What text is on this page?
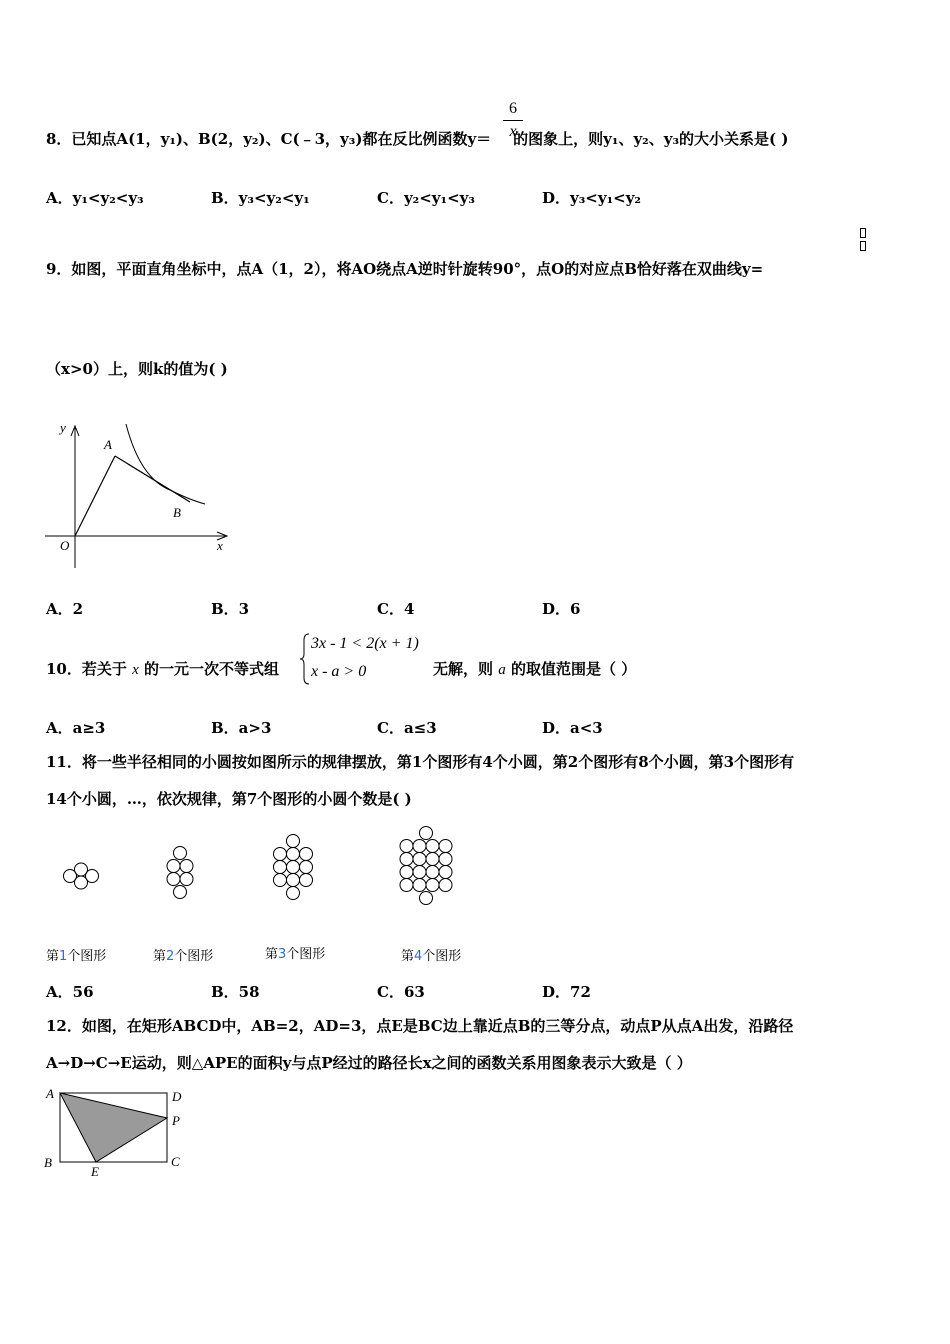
8．已知点A(1，y₁)、B(2，y₂)、C(﹣3，y₃)都在反比例函数y＝ 的图象上，则y₁、y₂、y₃的大小关系是( )
6
x
A．y₁<y₂<y₃	B．y₃<y₂<y₁	C．y₂<y₁<y₃	D．y₃<y₁<y₂
9．如图，平面直角坐标中，点A（1，2），将AO绕点A逆时针旋转90°，点O的对应点B恰好落在双曲线y=
（x>0）上，则k的值为( )
y
x
A
B
O
A．2	B．3	C．4	D．6
10．若关于 x 的一元一次不等式组
3x - 1 < 2(x + 1)
x - a > 0	无解，则 a 的取值范围是（ ）
A．a≥3	B．a>3	C．a≤3	D．a<3
11．将一些半径相同的小圆按如图所示的规律摆放，第1个图形有4个小圆，第2个图形有8个小圆，第3个图形有
14个小圆，…，依次规律，第7个图形的小圆个数是( )
第1个图形	第2个图形	第3个图形	第4个图形
A．56	B．58	C．63	D．72
12．如图，在矩形ABCD中，AB=2，AD=3，点E是BC边上靠近点B的三等分点，动点P从点A出发，沿路径
A→D→C→E运动，则△APE的面积y与点P经过的路径长x之间的函数关系用图象表示大致是（ ）
A	D
P
B	C
E
